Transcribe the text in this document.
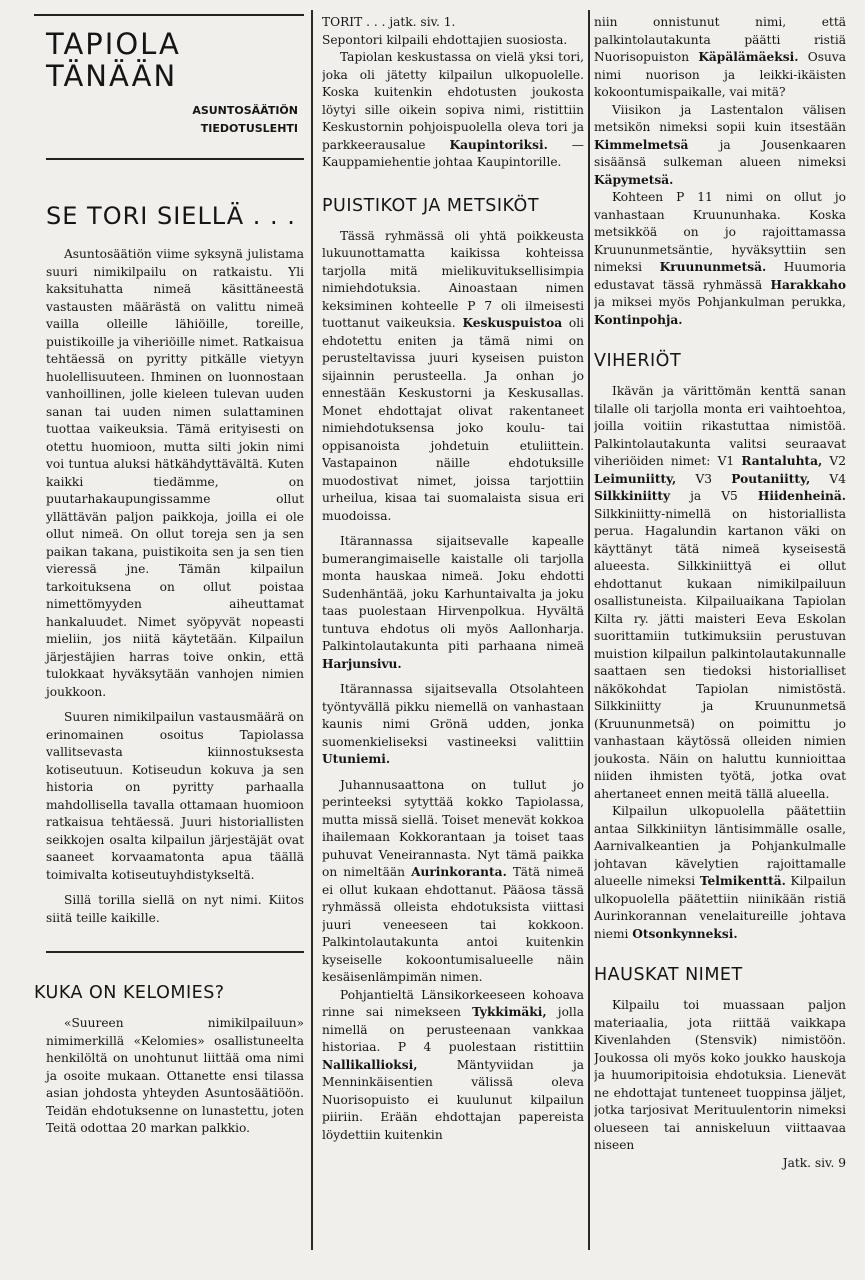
TAPIOLA
TÄNÄÄN
ASUNTOSÄÄTIÖN
TIEDOTUSLEHTI
SE TORI SIELLÄ . . .

Asuntosäätiön viime syksynä julistama suuri nimikilpailu on ratkaistu. Yli kaksituhatta nimeä käsittäneestä vastausten määrästä on valittu nimeä vailla olleille lähiöille, toreille, puistikoille ja viheriöille nimet. Ratkaisua tehtäessä on pyritty pitkälle vietyyn huolellisuuteen. Ihminen on luonnostaan vanhoillinen, jolle kieleen tulevan uuden sanan tai uuden nimen sulattaminen tuottaa vaikeuksia. Tämä erityisesti on otettu huomioon, mutta silti jokin nimi voi tuntua aluksi hätkähdyttävältä. Kuten kaikki tiedämme, on puutarhakaupungissamme ollut yllättävän paljon paikkoja, joilla ei ole ollut nimeä. On ollut toreja sen ja sen paikan takana, puistikoita sen ja sen tien vieressä jne. Tämän kilpailun tarkoituksena on ollut poistaa nimettömyyden aiheuttamat hankaluudet. Nimet syöpyvät nopeasti mieliin, jos niitä käytetään. Kilpailun järjestäjien harras toive onkin, että tulokkaat hyväksytään vanhojen nimien joukkoon.

Suuren nimikilpailun vastausmäärä on erinomainen osoitus Tapiolassa vallitsevasta kiinnostuksesta kotiseutuun. Kotiseudun kokuva ja sen historia on pyritty parhaalla mahdollisella tavalla ottamaan huomioon ratkaisua tehtäessä. Juuri historiallisten seikkojen osalta kilpailun järjestäjät ovat saaneet korvaamatonta apua täällä toimivalta kotiseutuyhdistykseltä.

Sillä torilla siellä on nyt nimi. Kiitos siitä teille kaikille.

KUKA ON KELOMIES?

«Suureen nimikilpailuun» nimimerkillä «Kelomies» osallistuneelta henkilöltä on unohtunut liittää oma nimi ja osoite mukaan. Ottanette ensi tilassa asian johdosta yhteyden Asuntosäätiöön. Teidän ehdotuksenne on lunastettu, joten Teitä odottaa 20 markan palkkio.

TORIT . . . jatk. siv. 1.

Sepontori kilpaili ehdottajien suosiosta.

Tapiolan keskustassa on vielä yksi tori, joka oli jätetty kilpailun ulkopuolelle. Koska kuitenkin ehdotusten joukosta löytyi sille oikein sopiva nimi, ristittiin Keskustornin pohjoispuolella oleva tori ja parkkeerausalue Kaupintoriksi. — Kauppamiehentie johtaa Kaupintorille.

PUISTIKOT JA METSIKÖT

Tässä ryhmässä oli yhtä poikkeusta lukuunottamatta kaikissa kohteissa tarjolla mitä mielikuvituksellisimpia nimiehdotuksia. Ainoastaan nimen keksiminen kohteelle P 7 oli ilmeisesti tuottanut vaikeuksia. Keskuspuistoa oli ehdotettu eniten ja tämä nimi on perusteltavissa juuri kyseisen puiston sijainnin perusteella. Ja onhan jo ennestään Keskustorni ja Keskusallas. Monet ehdottajat olivat rakentaneet nimiehdotuksensa joko koulu- tai oppisanoista johdetuin etuliittein. Vastapainon näille ehdotuksille muodostivat nimet, joissa tarjottiin urheilua, kisaa tai suomalaista sisua eri muodoissa.

Itärannassa sijaitsevalle kapealle bumerangimaiselle kaistalle oli tarjolla monta hauskaa nimeä. Joku ehdotti Sudenhäntää, joku Karhuntaivalta ja joku taas puolestaan Hirvenpolkua. Hyvältä tuntuva ehdotus oli myös Aallonharja. Palkintolautakunta piti parhaana nimeä Harjunsivu.

Itärannassa sijaitsevalla Otsolahteen työntyvällä pikku niemellä on vanhastaan kaunis nimi Grönä udden, jonka suomenkieliseksi vastineeksi valittiin Utuniemi.

Juhannusaattona on tullut jo perinteeksi sytyttää kokko Tapiolassa, mutta missä siellä. Toiset menevät kokkoa ihailemaan Kokkorantaan ja toiset taas puhuvat Veneirannasta. Nyt tämä paikka on nimeltään Aurinkoranta. Tätä nimeä ei ollut kukaan ehdottanut. Pääosa tässä ryhmässä olleista ehdotuksista viittasi juuri veneeseen tai kokkoon. Palkintolautakunta antoi kuitenkin kyseiselle kokoontumisalueelle näin kesäisenlämpimän nimen.

Pohjantieltä Länsikorkeeseen kohoava rinne sai nimekseen Tykkimäki, jolla nimellä on perusteenaan vankkaa historiaa. P 4 puolestaan ristittiin Nallikallioksi, Mäntyviidan ja Menninkäisentien välissä oleva Nuorisopuisto ei kuulunut kilpailun piiriin. Erään ehdottajan papereista löydettiin kuitenkin

niin onnistunut nimi, että palkintolautakunta päätti ristiä Nuorisopuiston Käpälämäeksi. Osuva nimi nuorison ja leikki-ikäisten kokoontumispaikalle, vai mitä?

Viisikon ja Lastentalon välisen metsikön nimeksi sopii kuin itsestään Kimmelmetsä ja Jousenkaaren sisäänsä sulkeman alueen nimeksi Käpymetsä.

Kohteen P 11 nimi on ollut jo vanhastaan Kruununhaka. Koska metsikköä on jo rajoittamassa Kruununmetsäntie, hyväksyttiin sen nimeksi Kruununmetsä. Huumoria edustavat tässä ryhmässä Harakkaho ja miksei myös Pohjankulman perukka, Kontinpohja.

VIHERIÖT

Ikävän ja värittömän kenttä sanan tilalle oli tarjolla monta eri vaihtoehtoa, joilla voitiin rikastuttaa nimistöä. Palkintolautakunta valitsi seuraavat viheriöiden nimet: V1 Rantaluhta, V2 Leimuniitty, V3 Poutaniitty, V4 Silkkiniitty ja V5 Hiidenheinä. Silkkiniitty-nimellä on historiallista perua. Hagalundin kartanon väki on käyttänyt tätä nimeä kyseisestä alueesta. Silkkiniittyä ei ollut ehdottanut kukaan nimikilpailuun osallistuneista. Kilpailuaikana Tapiolan Kilta ry. jätti maisteri Eeva Eskolan suorittamiin tutkimuksiin perustuvan muistion kilpailun palkintolautakunnalle saattaen sen tiedoksi historialliset näkökohdat Tapiolan nimistöstä. Silkkiniitty ja Kruununmetsä (Kruununmetsä) on poimittu jo vanhastaan käytössä olleiden nimien joukosta. Näin on haluttu kunnioittaa niiden ihmisten työtä, jotka ovat ahertaneet ennen meitä tällä alueella.

Kilpailun ulkopuolella päätettiin antaa Silkkiniityn läntisimmälle osalle, Aarnivalkeantien ja Pohjankulmalle johtavan kävelytien rajoittamalle alueelle nimeksi Telmikenttä. Kilpailun ulkopuolella päätettiin niinikään ristiä Aurinkorannan venelaitureille johtava niemi Otsonkynneksi.

HAUSKAT NIMET

Kilpailu toi muassaan paljon materiaalia, jota riittää vaikkapa Kivenlahden (Stensvik) nimistöön. Joukossa oli myös koko joukko hauskoja ja huumoripitoisia ehdotuksia. Lienevät ne ehdottajat tunteneet tuoppinsa jäljet, jotka tarjosivat Merituulentorin nimeksi olueseen tai anniskeluun viittaavaa niseen

Jatk. siv. 9
